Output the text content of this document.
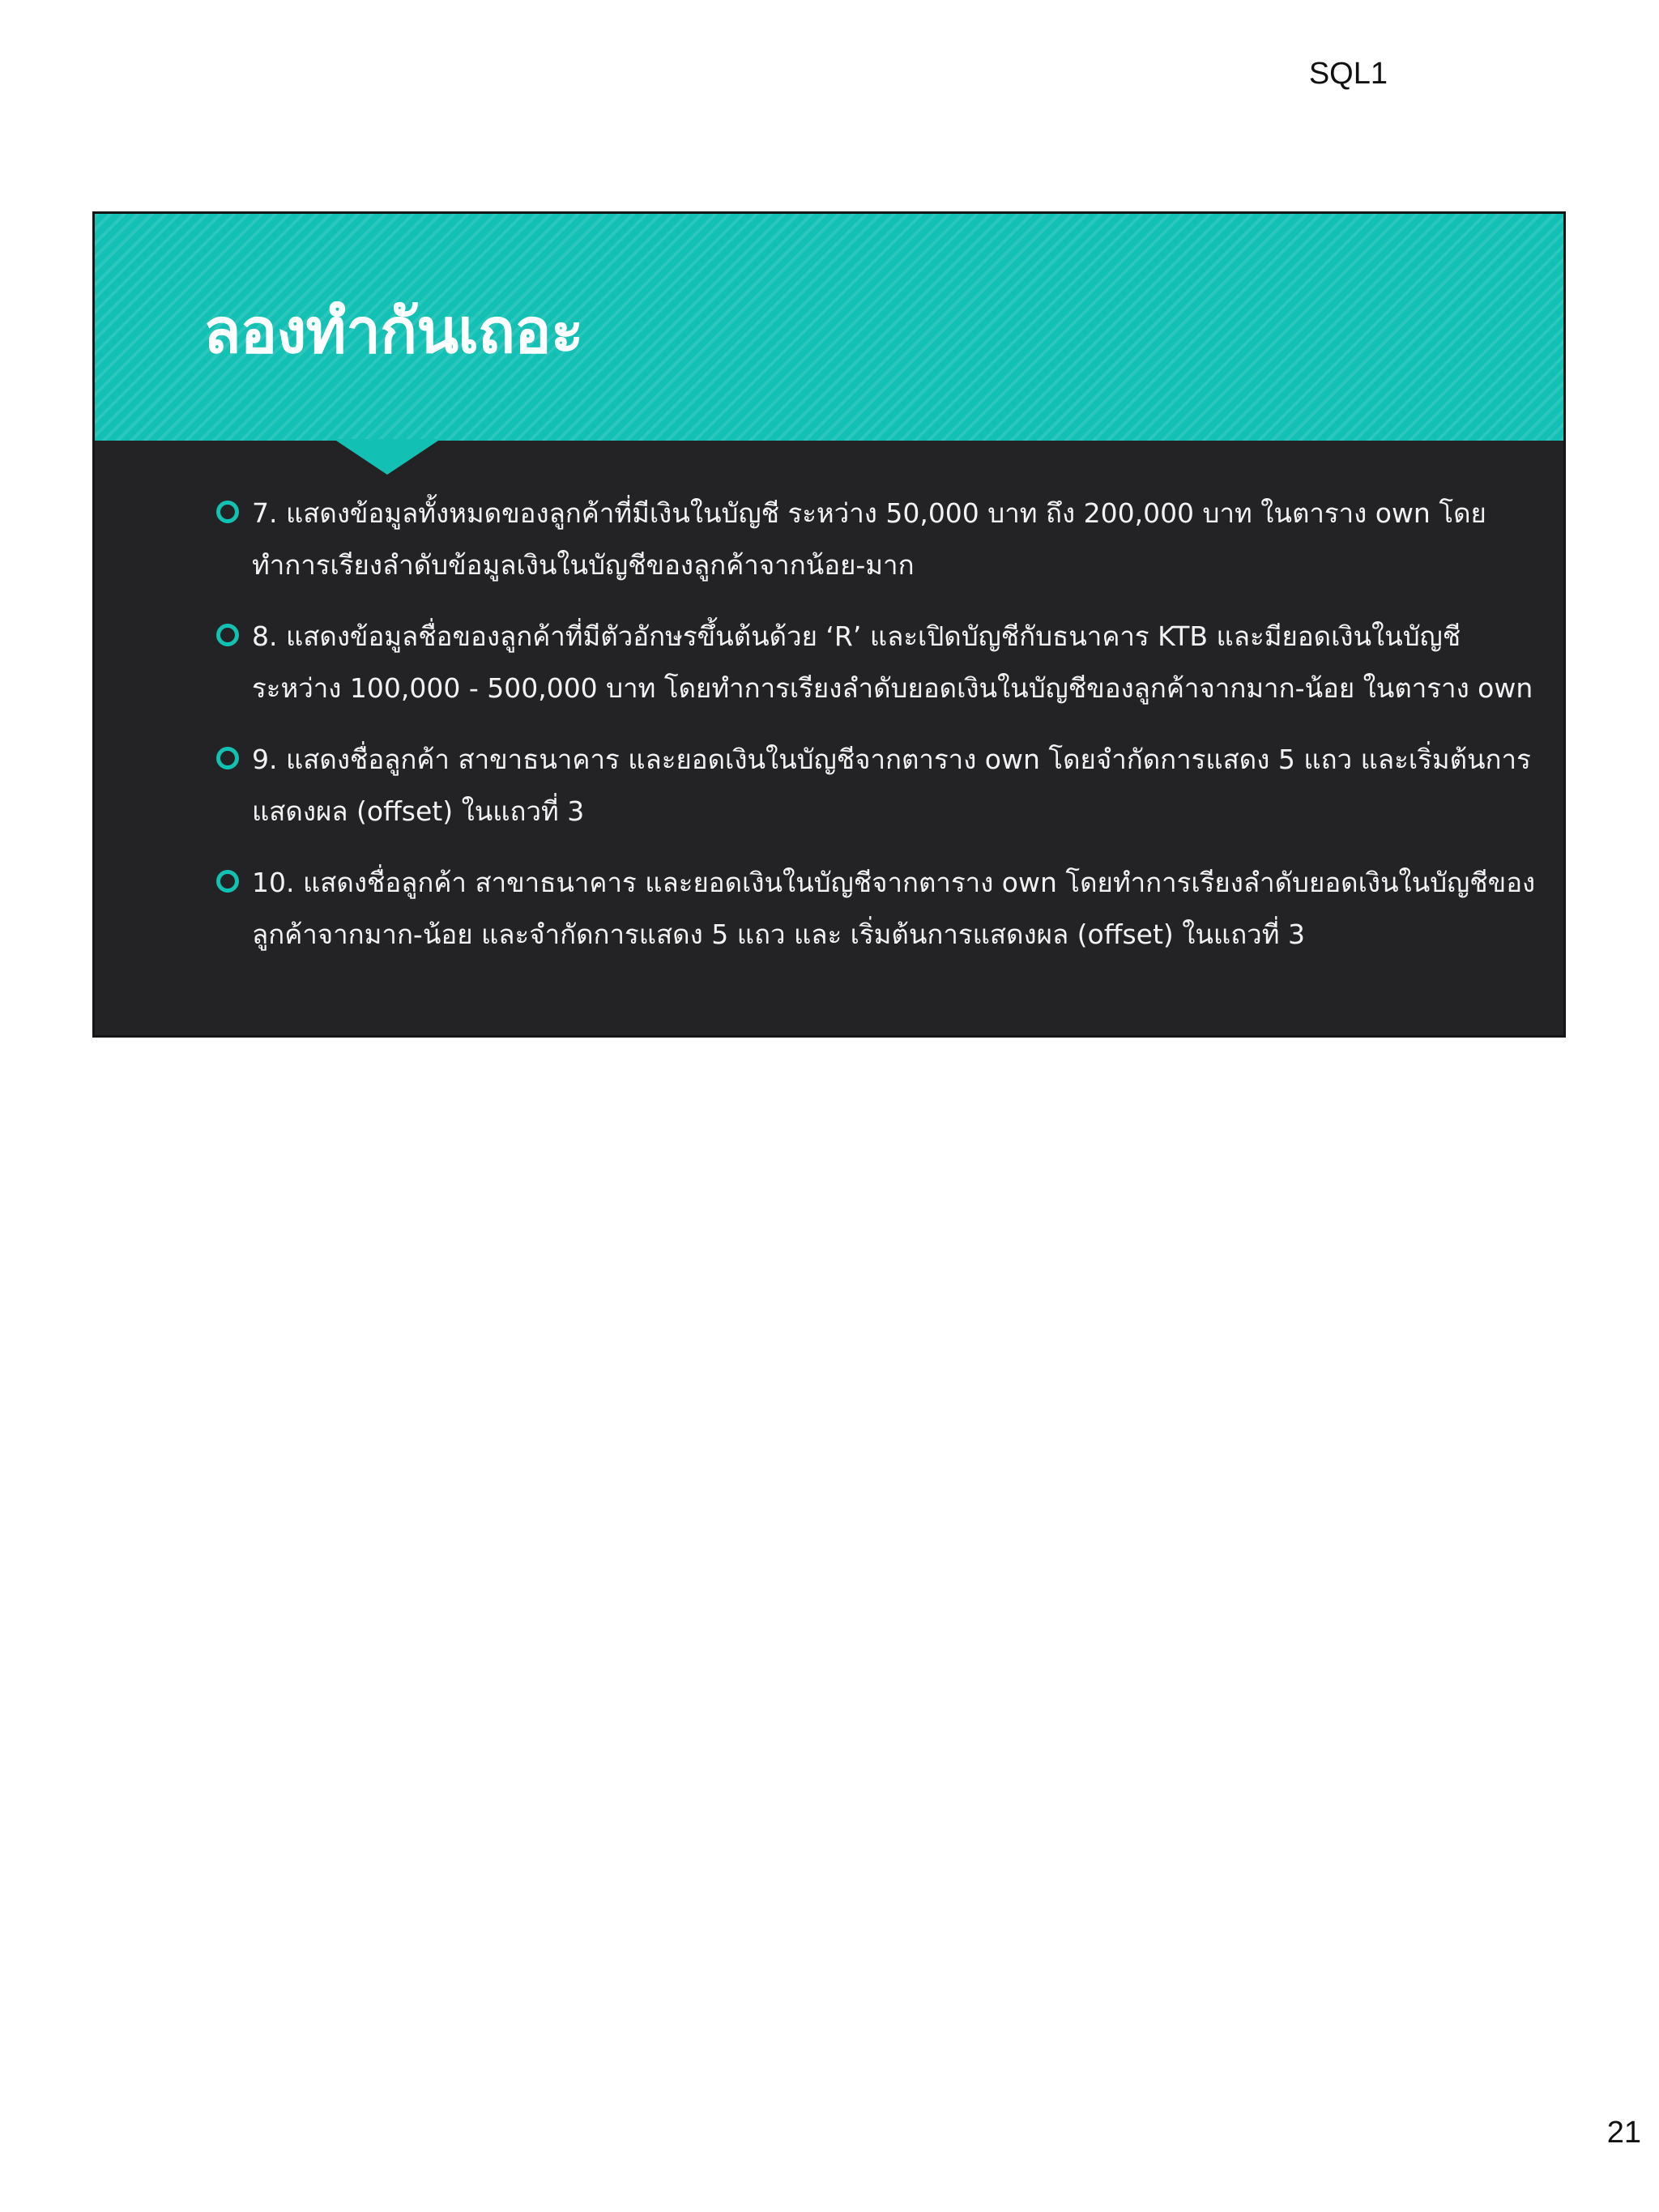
SQL1
ลองทำกันเถอะ
7. แสดงข้อมูลทั้งหมดของลูกค้าที่มีเงินในบัญชี ระหว่าง 50,000 บาท ถึง 200,000 บาท ในตาราง own โดยทำการเรียงลำดับข้อมูลเงินในบัญชีของลูกค้าจากน้อย-มาก
8. แสดงข้อมูลชื่อของลูกค้าที่มีตัวอักษรขึ้นต้นด้วย ‘R’ และเปิดบัญชีกับธนาคาร KTB และมียอดเงินในบัญชี ระหว่าง 100,000 - 500,000 บาท โดยทำการเรียงลำดับยอดเงินในบัญชีของลูกค้าจากมาก-น้อย ในตาราง own
9. แสดงชื่อลูกค้า สาขาธนาคาร และยอดเงินในบัญชีจากตาราง own โดยจำกัดการแสดง 5 แถว และเริ่มต้นการแสดงผล (offset) ในแถวที่ 3
10. แสดงชื่อลูกค้า สาขาธนาคาร และยอดเงินในบัญชีจากตาราง own โดยทำการเรียงลำดับยอดเงินในบัญชีของลูกค้าจากมาก-น้อย และจำกัดการแสดง 5 แถว และ เริ่มต้นการแสดงผล (offset) ในแถวที่ 3
21
